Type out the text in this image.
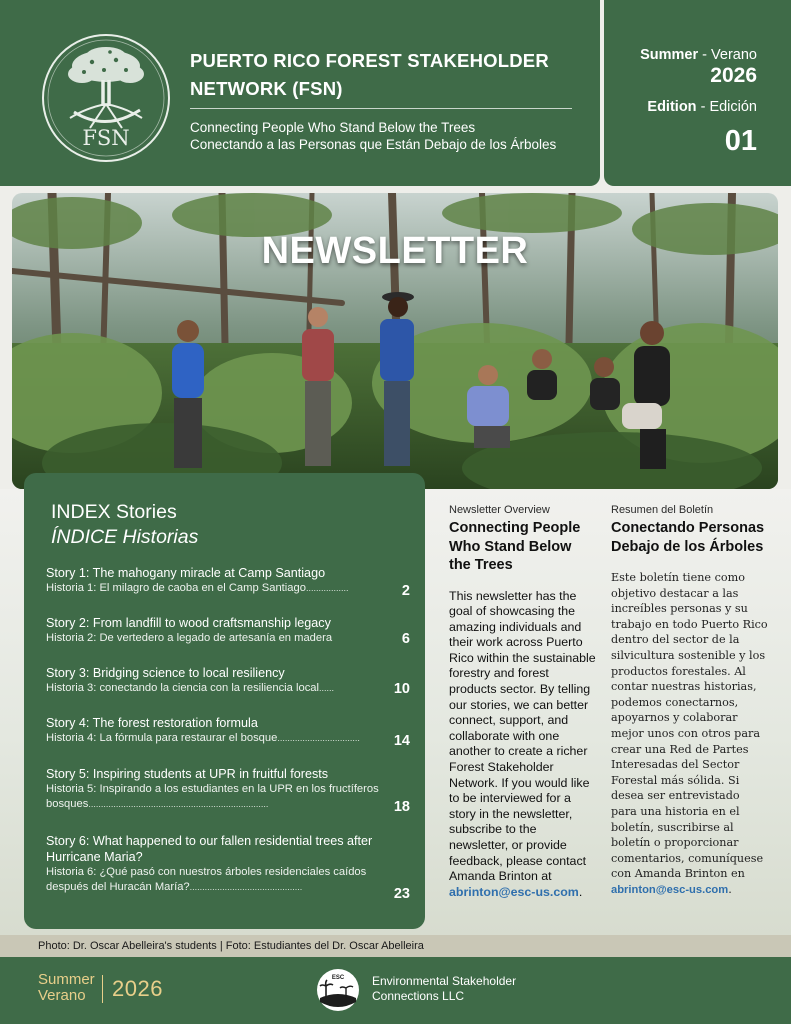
FSN
PUERTO RICO FOREST STAKEHOLDER NETWORK (FSN)
Connecting People Who Stand Below the Trees
Conectando a las Personas que Están Debajo de los Árboles
Summer - Verano
2026
Edition - Edición
01
NEWSLETTER
INDEX Stories
ÍNDICE Historias
Story 1: The mahogany miracle at Camp Santiago
Historia 1: El milagro de caoba en el Camp Santiago.................	2
Story 2: From landfill to wood craftsmanship legacy
Historia 2: De vertedero a legado de artesanía en madera	6
Story 3: Bridging science to local resiliency
Historia 3: conectando la ciencia con la resiliencia local......	10
Story 4: The forest restoration formula
Historia 4: La fórmula para restaurar el bosque.................................	14
Story 5: Inspiring students at UPR in fruitful forests
Historia 5: Inspirando a los estudiantes en la UPR en los fructíferos bosques........................................................................	18
Story 6: What happened to our fallen residential trees after Hurricane Maria?
Historia 6: ¿Qué pasó con nuestros árboles residenciales caídos después del Huracán María?.............................................	23
Newsletter Overview
Connecting People Who Stand Below the Trees
This newsletter has the goal of showcasing the amazing individuals and their work across Puerto Rico within the sustainable forestry and forest products sector. By telling our stories, we can better connect, support, and collaborate with one another to create a richer Forest Stakeholder Network. If you would like to be interviewed for a story in the newsletter, subscribe to the newsletter, or provide feedback, please contact Amanda Brinton at abrinton@esc-us.com.
Resumen del Boletín
Conectando Personas Debajo de los Árboles
Este boletín tiene como objetivo destacar a las increíbles personas y su trabajo en todo Puerto Rico dentro del sector de la silvicultura sostenible y los productos forestales. Al contar nuestras historias, podemos conectarnos, apoyarnos y colaborar mejor unos con otros para crear una Red de Partes Interesadas del Sector Forestal más sólida. Si desea ser entrevistado para una historia en el boletín, suscribirse al boletín o proporcionar comentarios, comuníquese con Amanda Brinton en abrinton@esc-us.com.
Photo: Dr. Oscar Abelleira's students | Foto: Estudiantes del Dr. Oscar Abelleira
Summer
Verano	2026	ESC Environmental Stakeholder
Connections LLC
